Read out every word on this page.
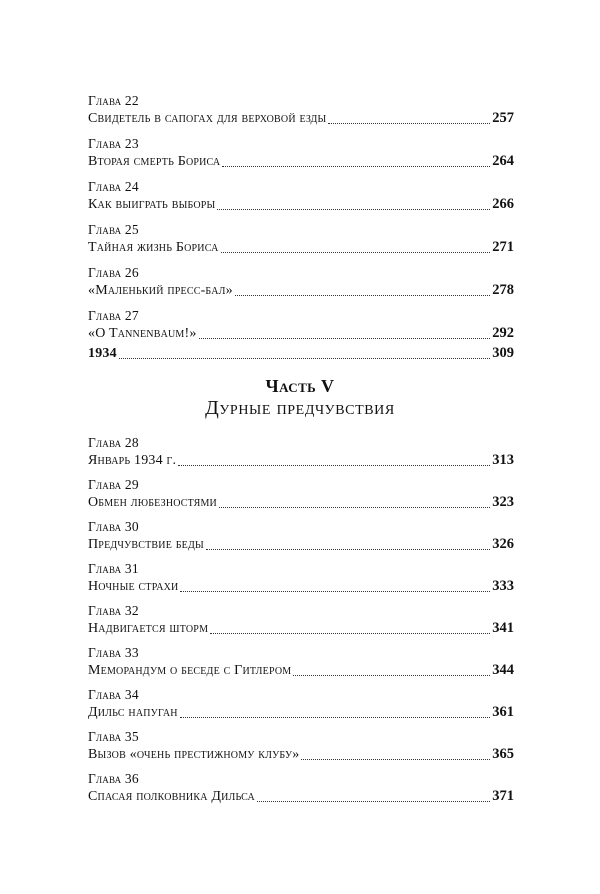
Глава 22
Свидетель в сапогах для верховой езды	257
Глава 23
Вторая смерть Бориса	264
Глава 24
Как выиграть выборы	266
Глава 25
Тайная жизнь Бориса	271
Глава 26
«Маленький пресс-бал»	278
Глава 27
«O Tannenbaum!»	292
1934	309
Часть V
Дурные предчувствия
Глава 28
Январь 1934 г.	313
Глава 29
Обмен любезностями	323
Глава 30
Предчувствие беды	326
Глава 31
Ночные страхи	333
Глава 32
Надвигается шторм	341
Глава 33
Меморандум о беседе с Гитлером	344
Глава 34
Дильс напуган	361
Глава 35
Вызов «очень престижному клубу»	365
Глава 36
Спасая полковника Дильса	371
